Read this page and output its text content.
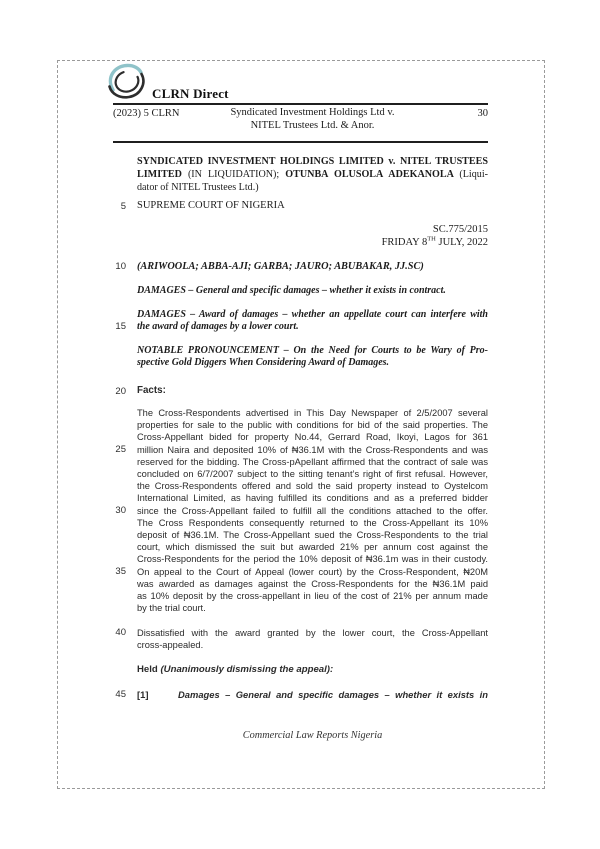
CLRN Direct
(2023) 5 CLRN	Syndicated Investment Holdings Ltd v.
NITEL Trustees Ltd. & Anor.
30
SYNDICATED INVESTMENT HOLDINGS LIMITED v. NITEL TRUSTEES
LIMITED (IN LIQUIDATION); OTUNBA OLUSOLA ADEKANOLA (Liqui-
dator of NITEL Trustees Ltd.)
5
10
15
20
25
30
35
40
45
SUPREME COURT OF NIGERIA
SC.775/2015
FRIDAY 8TH JULY, 2022
(ARIWOOLA; ABBA-AJI; GARBA; JAURO; ABUBAKAR, JJ.SC)
DAMAGES – General and specific damages – whether it exists in contract.
DAMAGES – Award of damages – whether an appellate court can interfere with
the award of damages by a lower court.
NOTABLE PRONOUNCEMENT – On the Need for Courts to be Wary of Pro-
spective Gold Diggers When Considering Award of Damages.
Facts:
The Cross-Respondents advertised in This Day Newspaper of 2/5/2007 several
properties for sale to the public with conditions for bid of the said properties. The
Cross-Appellant bided for property No.44, Gerrard Road, Ikoyi, Lagos for 361
million Naira and deposited 10% of ₦36.1M with the Cross-Respondents and was
reserved for the bidding. The Cross-pApellant affirmed that the contract of sale was
concluded on 6/7/2007 subject to the sitting tenant’s right of first refusal. However,
the Cross-Respondents offered and sold the said property instead to Oystelcom
International Limited, as having fulfilled its conditions and as a preferred bidder
since the Cross-Appellant failed to fulfill all the conditions attached to the offer.
The Cross Respondents consequently returned to the Cross-Appellant its 10%
deposit of ₦36.1M. The Cross-Appellant sued the Cross-Respondents to the trial
court, which dismissed the suit but awarded 21% per annum cost against the
Cross-Respondents for the period the 10% deposit of ₦36.1m was in their custody.
On appeal to the Court of Appeal (lower court) by the Cross-Respondent, ₦20M
was awarded as damages against the Cross-Respondents for the ₦36.1M paid
as 10% deposit by the cross-appellant in lieu of the cost of 21% per annum made
by the trial court.
Dissatisfied with the award granted by the lower court, the Cross-Appellant
cross-appealed.
Held (Unanimously dismissing the appeal):
[1]	Damages – General and specific damages – whether it exists in
Commercial Law Reports Nigeria
